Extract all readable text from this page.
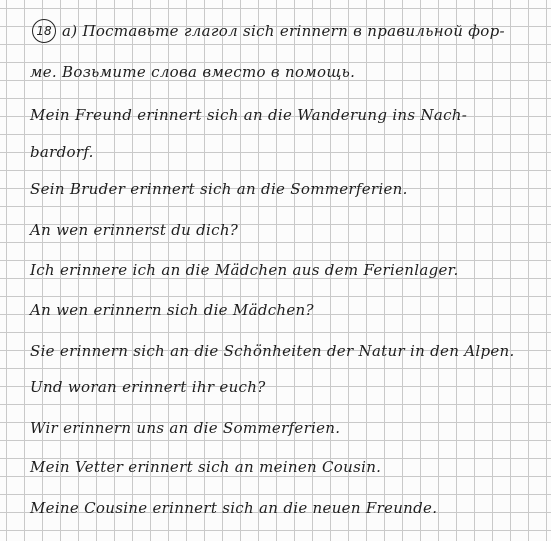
18 a) Поставьте глагол sich erinnern в правильной фор-

ме. Возьмите слова вместо в помощь.

Mein Freund erinnert sich an die Wanderung ins Nach-

bardorf.

Sein Bruder erinnert sich an die Sommerferien.

An wen erinnerst du dich?

Ich erinnere ich an die Mädchen aus dem Ferienlager.

An wen erinnern sich die Mädchen?

Sie erinnern sich an die Schönheiten der Natur in den Alpen.

Und woran erinnert ihr euch?

Wir erinnern uns an die Sommerferien.

Mein Vetter erinnert sich an meinen Cousin.

Meine Cousine erinnert sich an die neuen Freunde.
